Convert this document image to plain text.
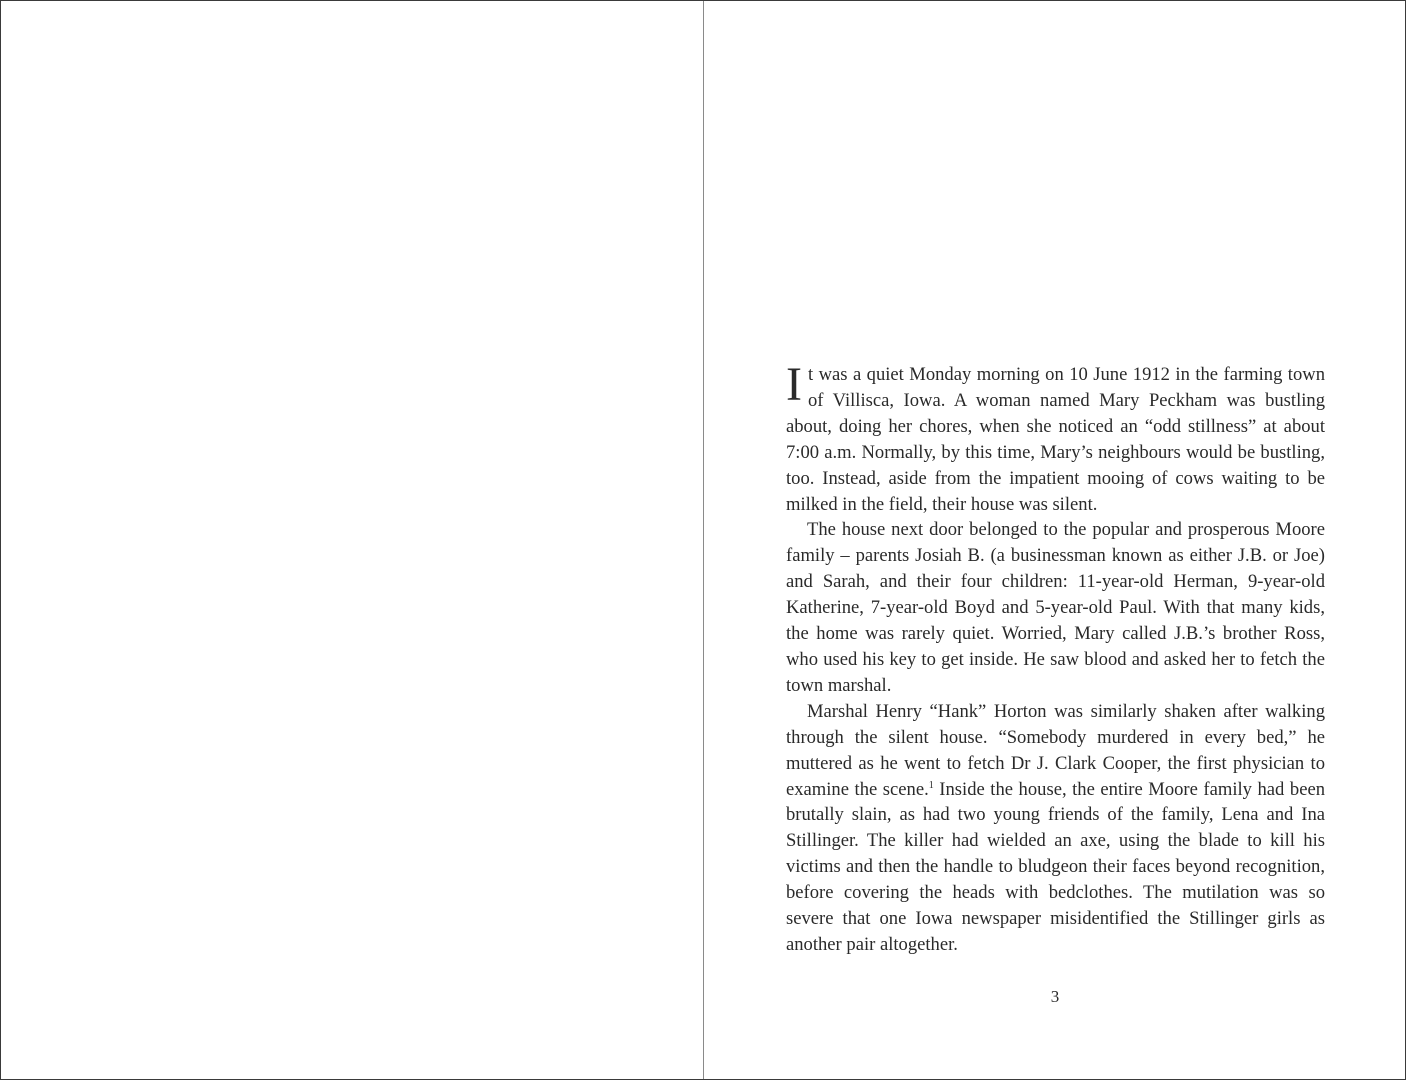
It was a quiet Monday morning on 10 June 1912 in the farming town of Villisca, Iowa. A woman named Mary Peckham was bustling about, doing her chores, when she noticed an “odd stillness” at about 7:00 a.m. Normally, by this time, Mary’s neighbours would be bustling, too. Instead, aside from the impatient mooing of cows waiting to be milked in the field, their house was silent.

The house next door belonged to the popular and prosperous Moore family – parents Josiah B. (a businessman known as either J.B. or Joe) and Sarah, and their four children: 11-year-old Herman, 9-year-old Katherine, 7-year-old Boyd and 5-year-old Paul. With that many kids, the home was rarely quiet. Worried, Mary called J.B.’s brother Ross, who used his key to get inside. He saw blood and asked her to fetch the town marshal.

Marshal Henry “Hank” Horton was similarly shaken after walking through the silent house. “Somebody murdered in every bed,” he muttered as he went to fetch Dr J. Clark Cooper, the first physician to examine the scene.$^1$ Inside the house, the entire Moore family had been brutally slain, as had two young friends of the family, Lena and Ina Stillinger. The killer had wielded an axe, using the blade to kill his victims and then the handle to bludgeon their faces beyond recognition, before covering the heads with bedclothes. The mutilation was so severe that one Iowa newspaper misidentified the Stillinger girls as another pair altogether.

3
